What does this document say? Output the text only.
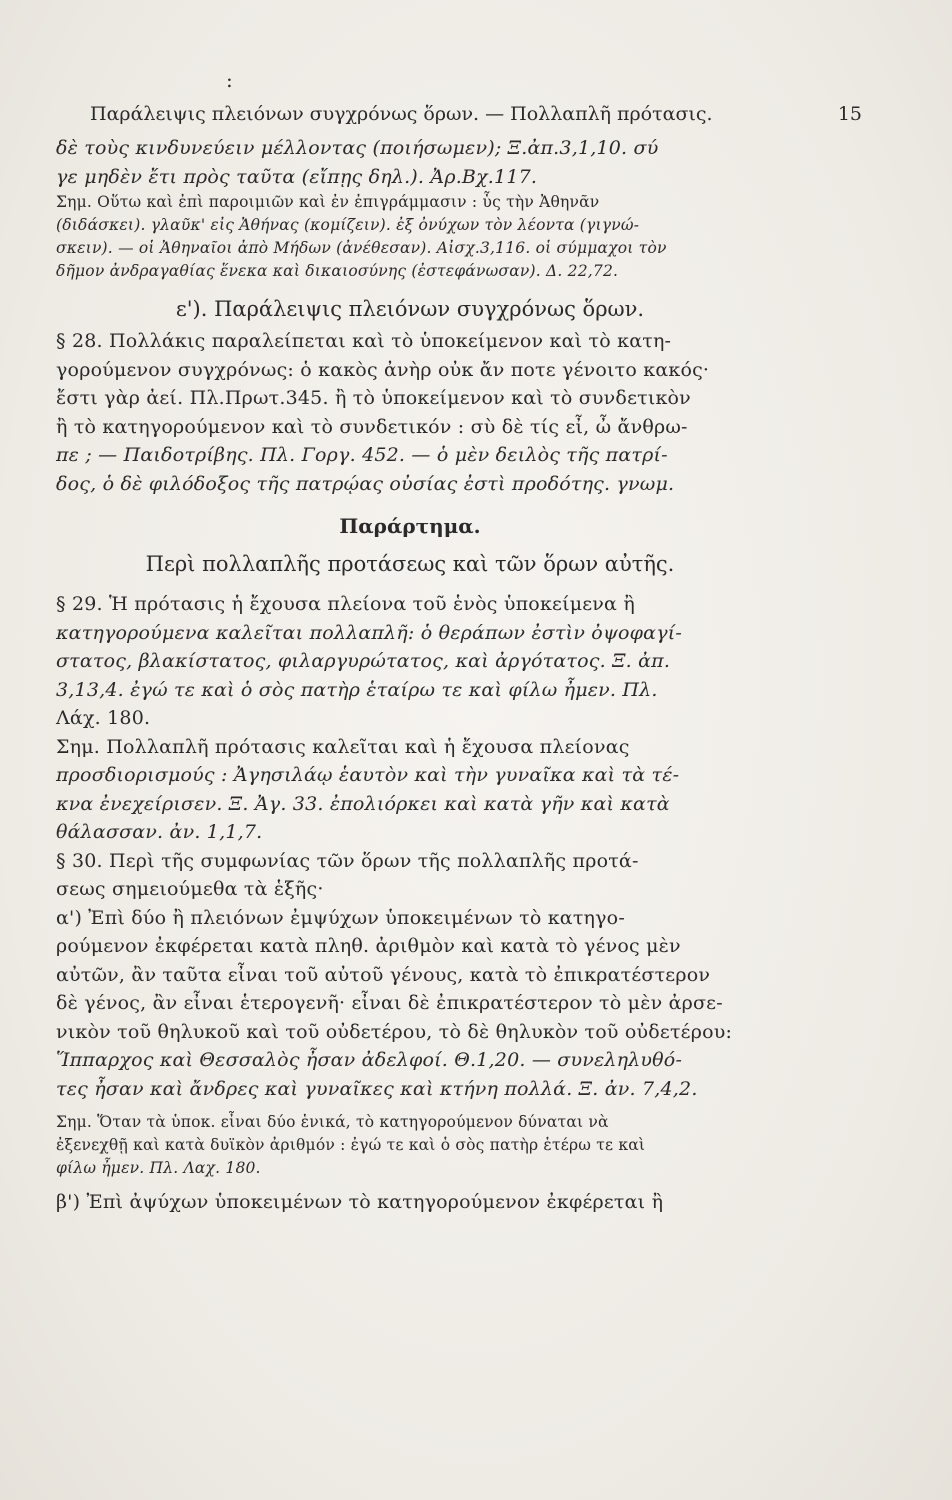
:
Παράλειψις πλειόνων συγχρόνως ὅρων. — Πολλαπλῆ πρότασις.	15
δὲ τοὺς κινδυνεύειν μέλλοντας (ποιήσωμεν); Ξ.ἀπ.3,1,10. σύ
γε μηδὲν ἔτι πρὸς ταῦτα (εἴπῃς δηλ.). Ἀρ.Βχ.117.
Σημ. Οὕτω καὶ ἐπὶ παροιμιῶν καὶ ἐν ἐπιγράμμασιν : ὗς τὴν Ἀθηνᾶν
(διδάσκει). γλαῦκ' εἰς Ἀθήνας (κομίζειν). ἐξ ὀνύχων τὸν λέοντα (γιγνώ-
σκειν). — οἱ Ἀθηναῖοι ἀπὸ Μήδων (ἀνέθεσαν). Αἰσχ.3,116. οἱ σύμμαχοι τὸν
δῆμον ἀνδραγαθίας ἕνεκα καὶ δικαιοσύνης (ἐστεφάνωσαν). Δ. 22,72.
ε'). Παράλειψις πλειόνων συγχρόνως ὅρων.
§ 28. Πολλάκις παραλείπεται καὶ τὸ ὑποκείμενον καὶ τὸ κατη-
γορούμενον συγχρόνως: ὁ κακὸς ἀνὴρ οὐκ ἄν ποτε γένοιτο κακός·
ἔστι γὰρ ἀεί. Πλ.Πρωτ.345. ἢ τὸ ὑποκείμενον καὶ τὸ συνδετικὸν
ἢ τὸ κατηγορούμενον καὶ τὸ συνδετικόν : σὺ δὲ τίς εἶ, ὦ ἄνθρω-
πε ; — Παιδοτρίβης. Πλ. Γοργ. 452. — ὁ μὲν δειλὸς τῆς πατρί-
δος, ὁ δὲ φιλόδοξος τῆς πατρῴας οὐσίας ἐστὶ προδότης. γνωμ.
Παράρτημα.
Περὶ πολλαπλῆς προτάσεως καὶ τῶν ὅρων αὐτῆς.
§ 29. Ἡ πρότασις ἡ ἔχουσα πλείονα τοῦ ἑνὸς ὑποκείμενα ἢ
κατηγορούμενα καλεῖται πολλαπλῆ: ὁ θεράπων ἐστὶν ὀψοφαγί-
στατος, βλακίστατος, φιλαργυρώτατος, καὶ ἀργότατος. Ξ. ἀπ.
3,13,4. ἐγώ τε καὶ ὁ σὸς πατὴρ ἑταίρω τε καὶ φίλω ἦμεν. Πλ.
Λάχ. 180.
Σημ. Πολλαπλῆ πρότασις καλεῖται καὶ ἡ ἔχουσα πλείονας
προσδιορισμούς : Ἀγησιλάῳ ἑαυτὸν καὶ τὴν γυναῖκα καὶ τὰ τέ-
κνα ἐνεχείρισεν. Ξ. Ἀγ. 33. ἐπολιόρκει καὶ κατὰ γῆν καὶ κατὰ
θάλασσαν. ἀν. 1,1,7.
§ 30. Περὶ τῆς συμφωνίας τῶν ὅρων τῆς πολλαπλῆς προτά-
σεως σημειούμεθα τὰ ἑξῆς·
α') Ἐπὶ δύο ἢ πλειόνων ἐμψύχων ὑποκειμένων τὸ κατηγο-
ρούμενον ἐκφέρεται κατὰ πληθ. ἀριθμὸν καὶ κατὰ τὸ γένος μὲν
αὐτῶν, ἂν ταῦτα εἶναι τοῦ αὐτοῦ γένους, κατὰ τὸ ἐπικρατέστερον
δὲ γένος, ἂν εἶναι ἑτερογενῆ· εἶναι δὲ ἐπικρατέστερον τὸ μὲν ἀρσε-
νικὸν τοῦ θηλυκοῦ καὶ τοῦ οὐδετέρου, τὸ δὲ θηλυκὸν τοῦ οὐδετέρου:
Ἵππαρχος καὶ Θεσσαλὸς ἦσαν ἀδελφοί. Θ.1,20. — συνεληλυθό-
τες ἦσαν καὶ ἄνδρες καὶ γυναῖκες καὶ κτήνη πολλά. Ξ. ἀν. 7,4,2.
Σημ. Ὅταν τὰ ὑποκ. εἶναι δύο ἑνικά, τὸ κατηγορούμενον δύναται νὰ
ἐξενεχθῇ καὶ κατὰ δυϊκὸν ἀριθμόν : ἐγώ τε καὶ ὁ σὸς πατὴρ ἑτέρω τε καὶ
φίλω ἦμεν. Πλ. Λαχ. 180.
β') Ἐπὶ ἀψύχων ὑποκειμένων τὸ κατηγορούμενον ἐκφέρεται ἢ
